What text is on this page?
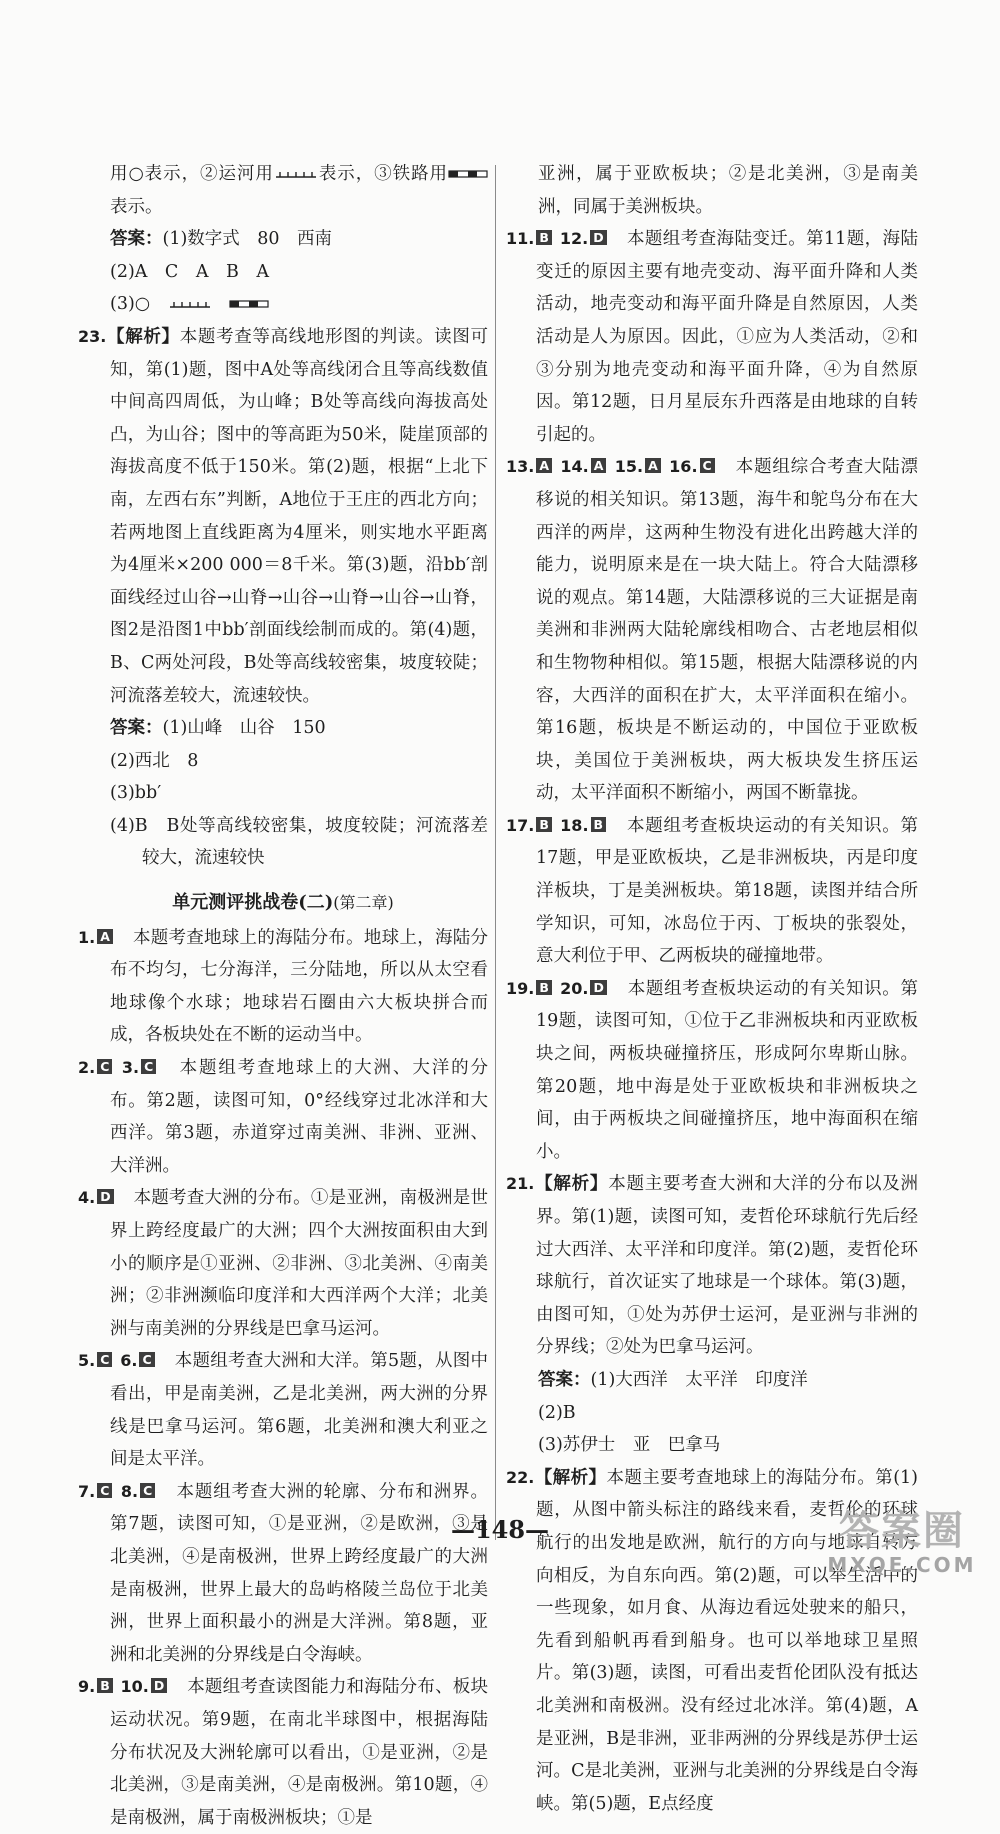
用○表示，②运河用	表示，③铁路用表示。

答案：(1)数字式　80　西南

(2)A　C　A　B　A

(3)○　　

23.【解析】本题考查等高线地形图的判读。读图可知，第(1)题，图中A处等高线闭合且等高线数值中间高四周低，为山峰；B处等高线向海拔高处凸，为山谷；图中的等高距为50米，陡崖顶部的海拔高度不低于150米。第(2)题，根据“上北下南，左西右东”判断，A地位于王庄的西北方向；若两地图上直线距离为4厘米，则实地水平距离为4厘米×200 000＝8千米。第(3)题，沿bb′剖面线经过山谷→山脊→山谷→山脊→山谷→山脊，图2是沿图1中bb′剖面线绘制而成的。第(4)题，B、C两处河段，B处等高线较密集，坡度较陡；河流落差较大，流速较快。

答案：(1)山峰　山谷　150

(2)西北　8

(3)bb′

(4)B　B处等高线较密集，坡度较陡；河流落差较大，流速较快

单元测评挑战卷(二)(第二章)

1. A　 本题考查地球上的海陆分布。地球上，海陆分布不均匀，七分海洋，三分陆地，所以从太空看地球像个水球；地球岩石圈由六大板块拼合而成，各板块处在不断的运动当中。

2. C 3. C　 本题组考查地球上的大洲、大洋的分布。第2题，读图可知，0°经线穿过北冰洋和大西洋。第3题，赤道穿过南美洲、非洲、亚洲、大洋洲。

4. D　 本题考查大洲的分布。①是亚洲，南极洲是世界上跨经度最广的大洲；四个大洲按面积由大到小的顺序是①亚洲、②非洲、③北美洲、④南美洲；②非洲濒临印度洋和大西洋两个大洋；北美洲与南美洲的分界线是巴拿马运河。

5. C 6. C　 本题组考查大洲和大洋。第5题，从图中看出，甲是南美洲，乙是北美洲，两大洲的分界线是巴拿马运河。第6题，北美洲和澳大利亚之间是太平洋。

7. C 8. C　 本题组考查大洲的轮廓、分布和洲界。第7题，读图可知，①是亚洲，②是欧洲，③是北美洲，④是南极洲，世界上跨经度最广的大洲是南极洲，世界上最大的岛屿格陵兰岛位于北美洲，世界上面积最小的洲是大洋洲。第8题，亚洲和北美洲的分界线是白令海峡。

9. B 10. D　 本题组考查读图能力和海陆分布、板块运动状况。第9题，在南北半球图中，根据海陆分布状况及大洲轮廓可以看出，①是亚洲，②是北美洲，③是南美洲，④是南极洲。第10题，④是南极洲，属于南极洲板块；①是

亚洲，属于亚欧板块；②是北美洲，③是南美洲，同属于美洲板块。

11. B 12. D　 本题组考查海陆变迁。第11题，海陆变迁的原因主要有地壳变动、海平面升降和人类活动，地壳变动和海平面升降是自然原因，人类活动是人为原因。因此，①应为人类活动，②和③分别为地壳变动和海平面升降，④为自然原因。第12题，日月星辰东升西落是由地球的自转引起的。

13. A 14. A 15. A 16. C　 本题组综合考查大陆漂移说的相关知识。第13题，海牛和鸵鸟分布在大西洋的两岸，这两种生物没有进化出跨越大洋的能力，说明原来是在一块大陆上。符合大陆漂移说的观点。第14题，大陆漂移说的三大证据是南美洲和非洲两大陆轮廓线相吻合、古老地层相似和生物物种相似。第15题，根据大陆漂移说的内容，大西洋的面积在扩大，太平洋面积在缩小。第16题，板块是不断运动的，中国位于亚欧板块，美国位于美洲板块，两大板块发生挤压运动，太平洋面积不断缩小，两国不断靠拢。

17. B 18. B　 本题组考查板块运动的有关知识。第17题，甲是亚欧板块，乙是非洲板块，丙是印度洋板块，丁是美洲板块。第18题，读图并结合所学知识，可知，冰岛位于丙、丁板块的张裂处，意大利位于甲、乙两板块的碰撞地带。

19. B 20. D　 本题组考查板块运动的有关知识。第19题，读图可知，①位于乙非洲板块和丙亚欧板块之间，两板块碰撞挤压，形成阿尔卑斯山脉。第20题，地中海是处于亚欧板块和非洲板块之间，由于两板块之间碰撞挤压，地中海面积在缩小。

21.【解析】本题主要考查大洲和大洋的分布以及洲界。第(1)题，读图可知，麦哲伦环球航行先后经过大西洋、太平洋和印度洋。第(2)题，麦哲伦环球航行，首次证实了地球是一个球体。第(3)题，由图可知，①处为苏伊士运河，是亚洲与非洲的分界线；②处为巴拿马运河。

答案：(1)大西洋　太平洋　印度洋

(2)B

(3)苏伊士　亚　巴拿马

22.【解析】本题主要考查地球上的海陆分布。第(1)题，从图中箭头标注的路线来看，麦哲伦的环球航行的出发地是欧洲，航行的方向与地球自转方向相反，为自东向西。第(2)题，可以举生活中的一些现象，如月食、从海边看远处驶来的船只，先看到船帆再看到船身。也可以举地球卫星照片。第(3)题，读图，可看出麦哲伦团队没有抵达北美洲和南极洲。没有经过北冰洋。第(4)题，A是亚洲，B是非洲，亚非两洲的分界线是苏伊士运河。C是北美洲，亚洲与北美洲的分界线是白令海峡。第(5)题，E点经度

—148—	答案圈
MXQE.COM
